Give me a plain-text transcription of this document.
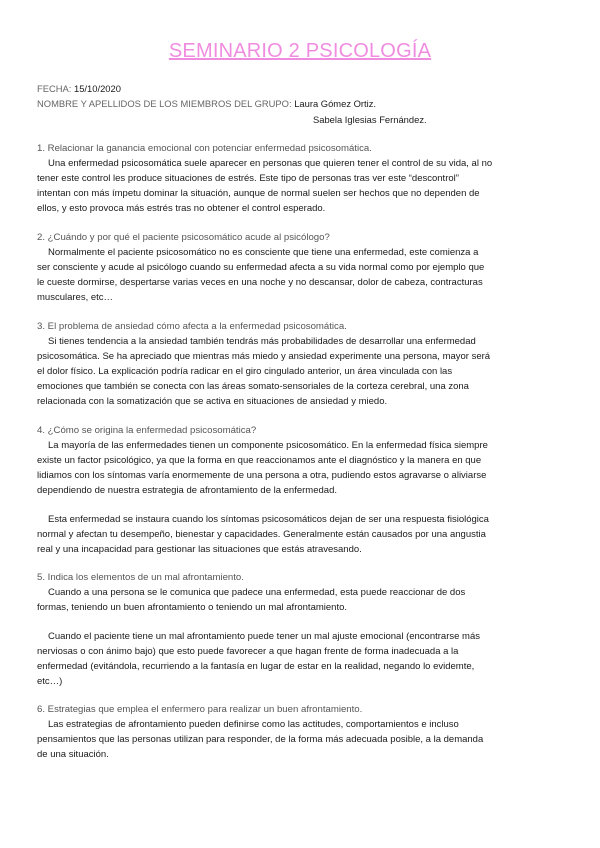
SEMINARIO 2 PSICOLOGÍA
FECHA: 15/10/2020
NOMBRE Y APELLIDOS DE LOS MIEMBROS DEL GRUPO: Laura Gómez Ortiz.
Sabela Iglesias Fernández.
1. Relacionar la ganancia emocional con potenciar enfermedad psicosomática.
Una enfermedad psicosomática suele aparecer en personas que quieren tener el control de su vida, al no
tener este control les produce situaciones de estrés. Este tipo de personas tras ver este “descontrol”
intentan con más ímpetu dominar la situación, aunque de normal suelen ser hechos que no dependen de
ellos, y esto provoca más estrés tras no obtener el control esperado.
2. ¿Cuándo y por qué el paciente psicosomático acude al psicólogo?
Normalmente el paciente psicosomático no es consciente que tiene una enfermedad, este comienza a
ser consciente y acude al psicólogo cuando su enfermedad afecta a su vida normal como por ejemplo que
le cueste dormirse, despertarse varias veces en una noche y no descansar, dolor de cabeza, contracturas
musculares, etc…
3. El problema de ansiedad cómo afecta a la enfermedad psicosomática.
Si tienes tendencia a la ansiedad también tendrás más probabilidades de desarrollar una enfermedad
psicosomática. Se ha apreciado que mientras más miedo y ansiedad experimente una persona, mayor será
el dolor físico. La explicación podría radicar en el giro cingulado anterior, un área vinculada con las
emociones que también se conecta con las áreas somato-sensoriales de la corteza cerebral, una zona
relacionada con la somatización que se activa en situaciones de ansiedad y miedo.
4. ¿Cómo se origina la enfermedad psicosomática?
La mayoría de las enfermedades tienen un componente psicosomático. En la enfermedad física siempre
existe un factor psicológico, ya que la forma en que reaccionamos ante el diagnóstico y la manera en que
lidiamos con los síntomas varía enormemente de una persona a otra, pudiendo estos agravarse o aliviarse
dependiendo de nuestra estrategia de afrontamiento de la enfermedad.
Esta enfermedad se instaura cuando los síntomas psicosomáticos dejan de ser una respuesta fisiológica
normal y afectan tu desempeño, bienestar y capacidades. Generalmente están causados por una angustia
real y una incapacidad para gestionar las situaciones que estás atravesando.
5. Indica los elementos de un mal afrontamiento.
Cuando a una persona se le comunica que padece una enfermedad, esta puede reaccionar de dos
formas, teniendo un buen afrontamiento o teniendo un mal afrontamiento.
Cuando el paciente tiene un mal afrontamiento puede tener un mal ajuste emocional (encontrarse más
nerviosas o con ánimo bajo) que esto puede favorecer a que hagan frente de forma inadecuada a la
enfermedad (evitándola, recurriendo a la fantasía en lugar de estar en la realidad, negando lo evidemte,
etc…)
6. Estrategias que emplea el enfermero para realizar un buen afrontamiento.
Las estrategias de afrontamiento pueden definirse como las actitudes, comportamientos e incluso
pensamientos que las personas utilizan para responder, de la forma más adecuada posible, a la demanda
de una situación.
